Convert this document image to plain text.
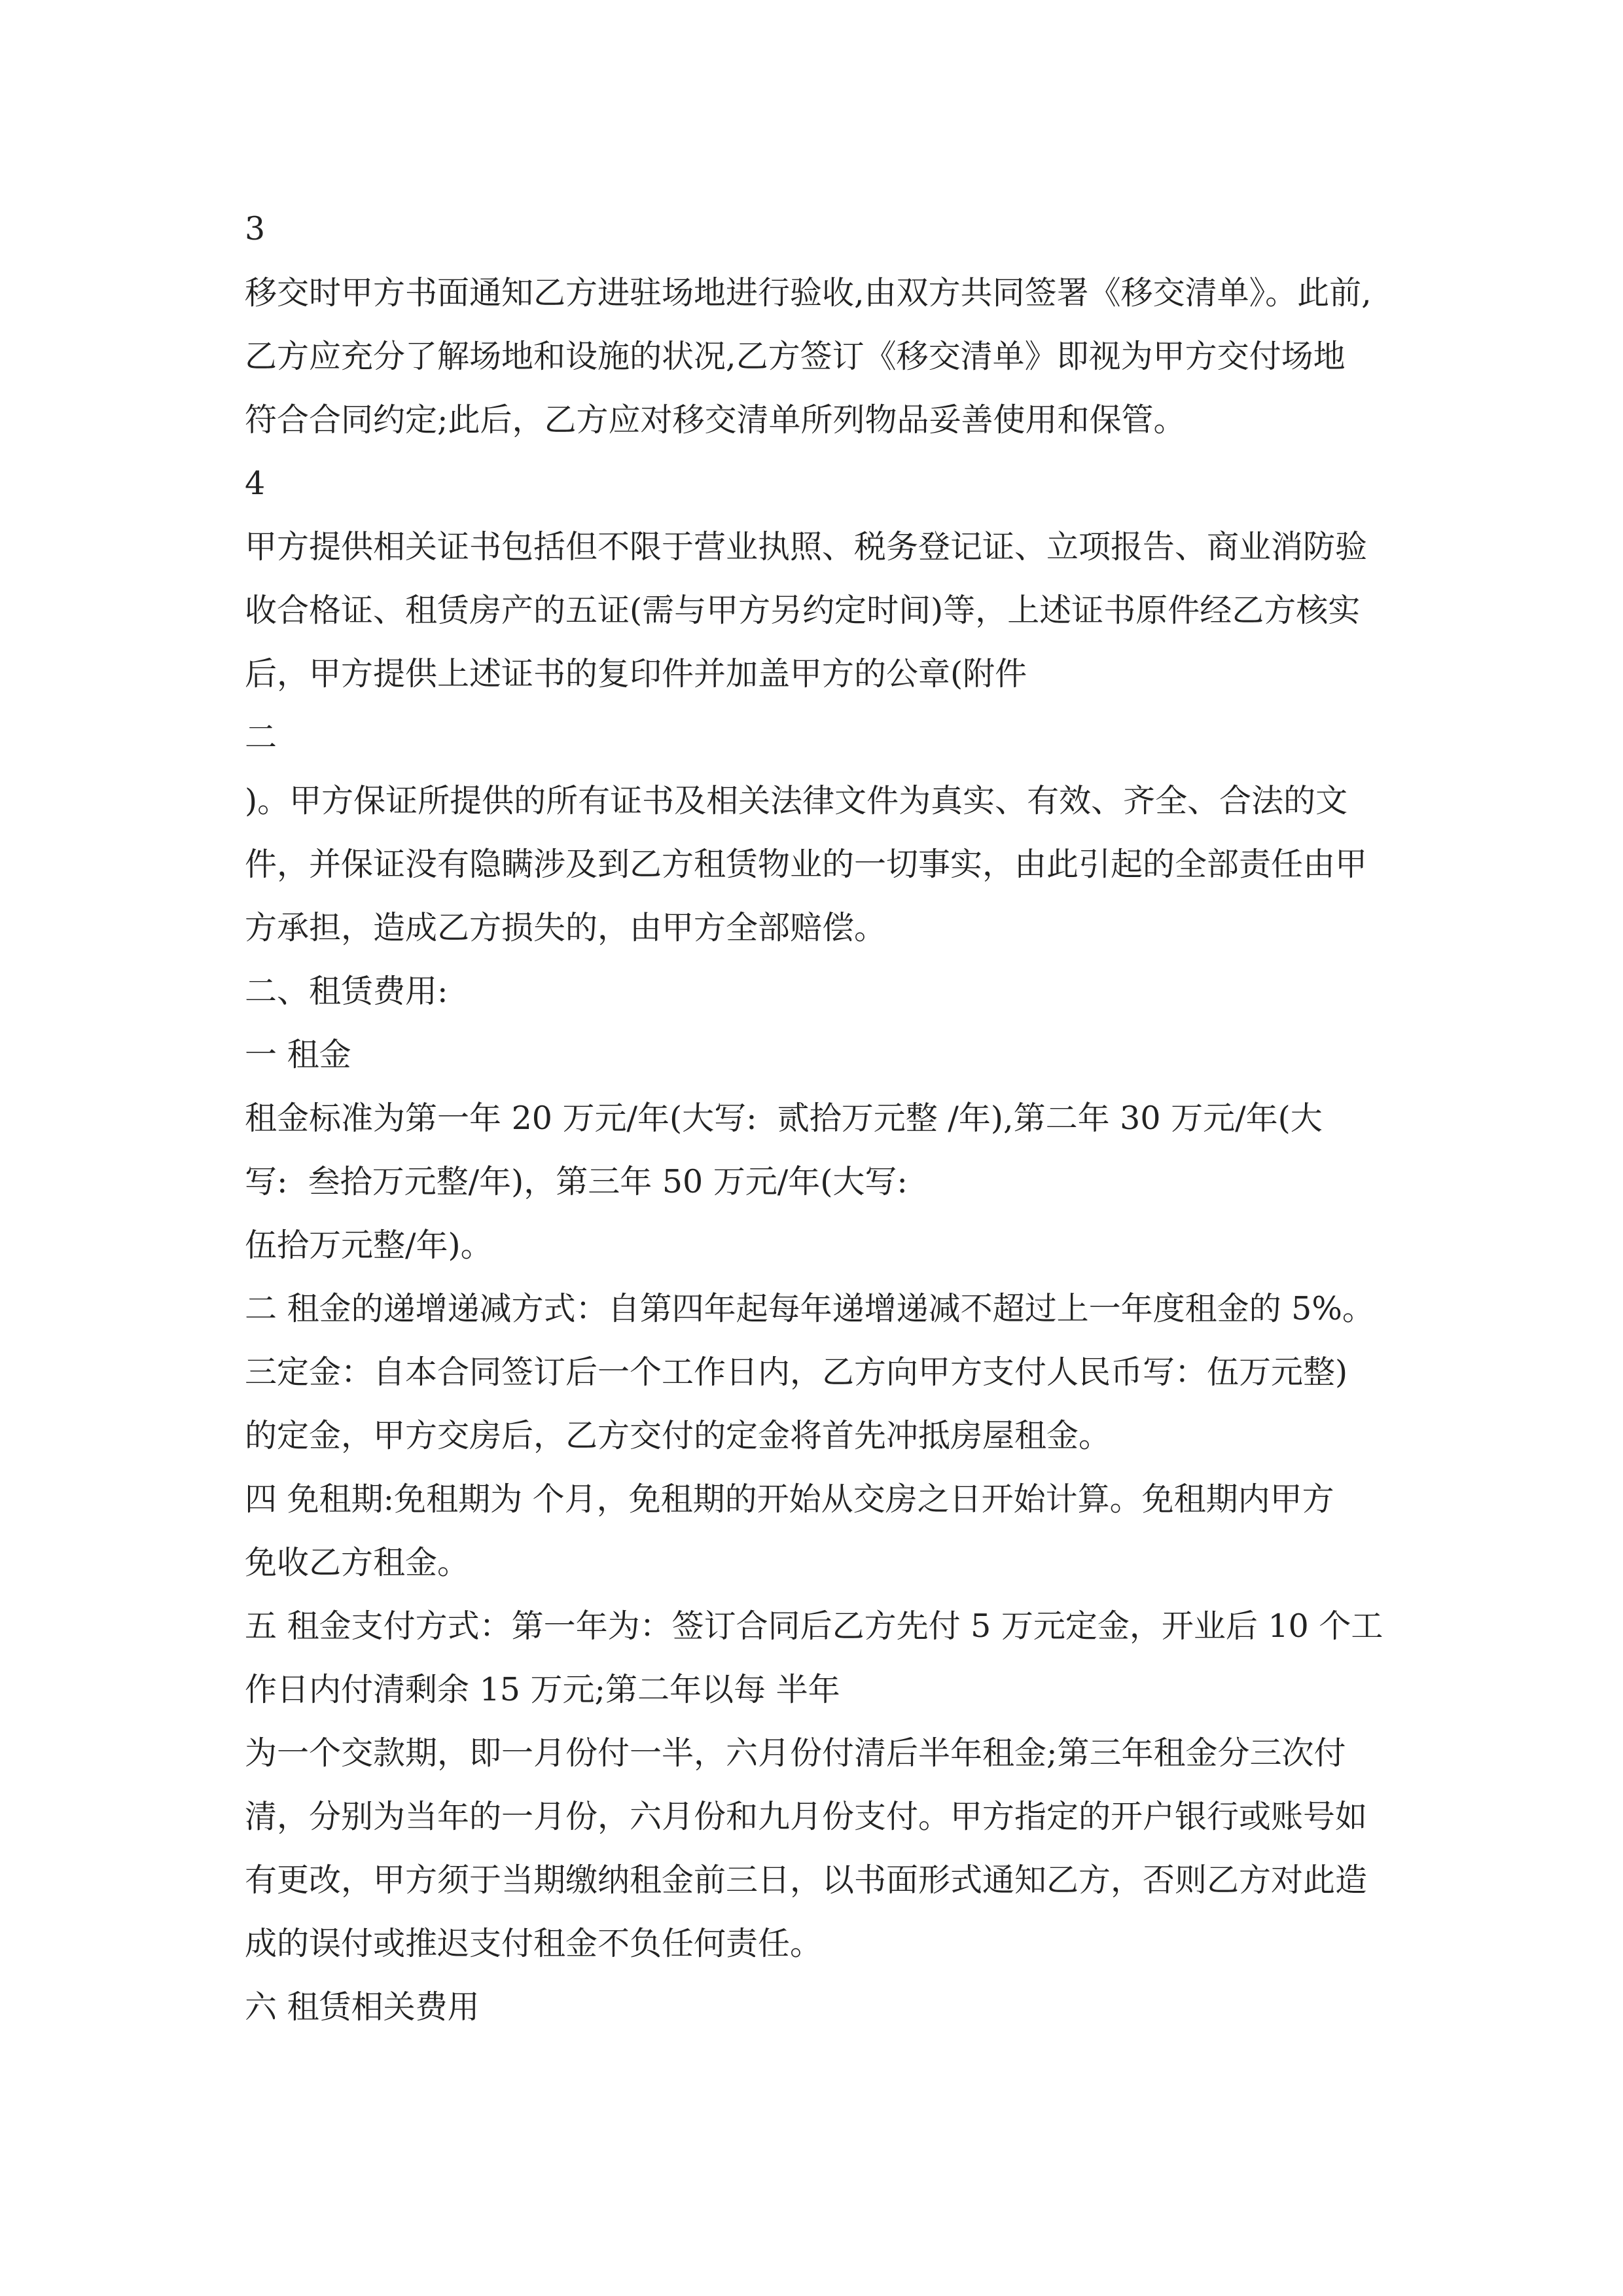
3

移交时甲方书面通知乙方进驻场地进行验收,由双方共同签署《移交清单》。此前,

乙方应充分了解场地和设施的状况,乙方签订《移交清单》即视为甲方交付场地

符合合同约定;此后，乙方应对移交清单所列物品妥善使用和保管。

4

甲方提供相关证书包括但不限于营业执照、税务登记证、立项报告、商业消防验

收合格证、租赁房产的五证(需与甲方另约定时间)等，上述证书原件经乙方核实

后，甲方提供上述证书的复印件并加盖甲方的公章(附件

二

)。甲方保证所提供的所有证书及相关法律文件为真实、有效、齐全、合法的文

件，并保证没有隐瞒涉及到乙方租赁物业的一切事实，由此引起的全部责任由甲

方承担，造成乙方损失的，由甲方全部赔偿。

二、租赁费用:

一 租金

租金标准为第一年 20 万元/年(大写:  贰拾万元整 /年),第二年 30 万元/年(大

写:  叁拾万元整/年)，第三年 50 万元/年(大写:

伍拾万元整/年)。

二 租金的递增递减方式：自第四年起每年递增递减不超过上一年度租金的 5%。

三定金：自本合同签订后一个工作日内，乙方向甲方支付人民币写：伍万元整)

的定金，甲方交房后，乙方交付的定金将首先冲抵房屋租金。

四 免租期:免租期为 个月，免租期的开始从交房之日开始计算。免租期内甲方

免收乙方租金。

五 租金支付方式：第一年为：签订合同后乙方先付 5 万元定金，开业后 10 个工

作日内付清剩余 15 万元;第二年以每 半年

为一个交款期，即一月份付一半，六月份付清后半年租金;第三年租金分三次付

清，分别为当年的一月份，六月份和九月份支付。甲方指定的开户银行或账号如

有更改，甲方须于当期缴纳租金前三日，以书面形式通知乙方，否则乙方对此造

成的误付或推迟支付租金不负任何责任。

六 租赁相关费用
